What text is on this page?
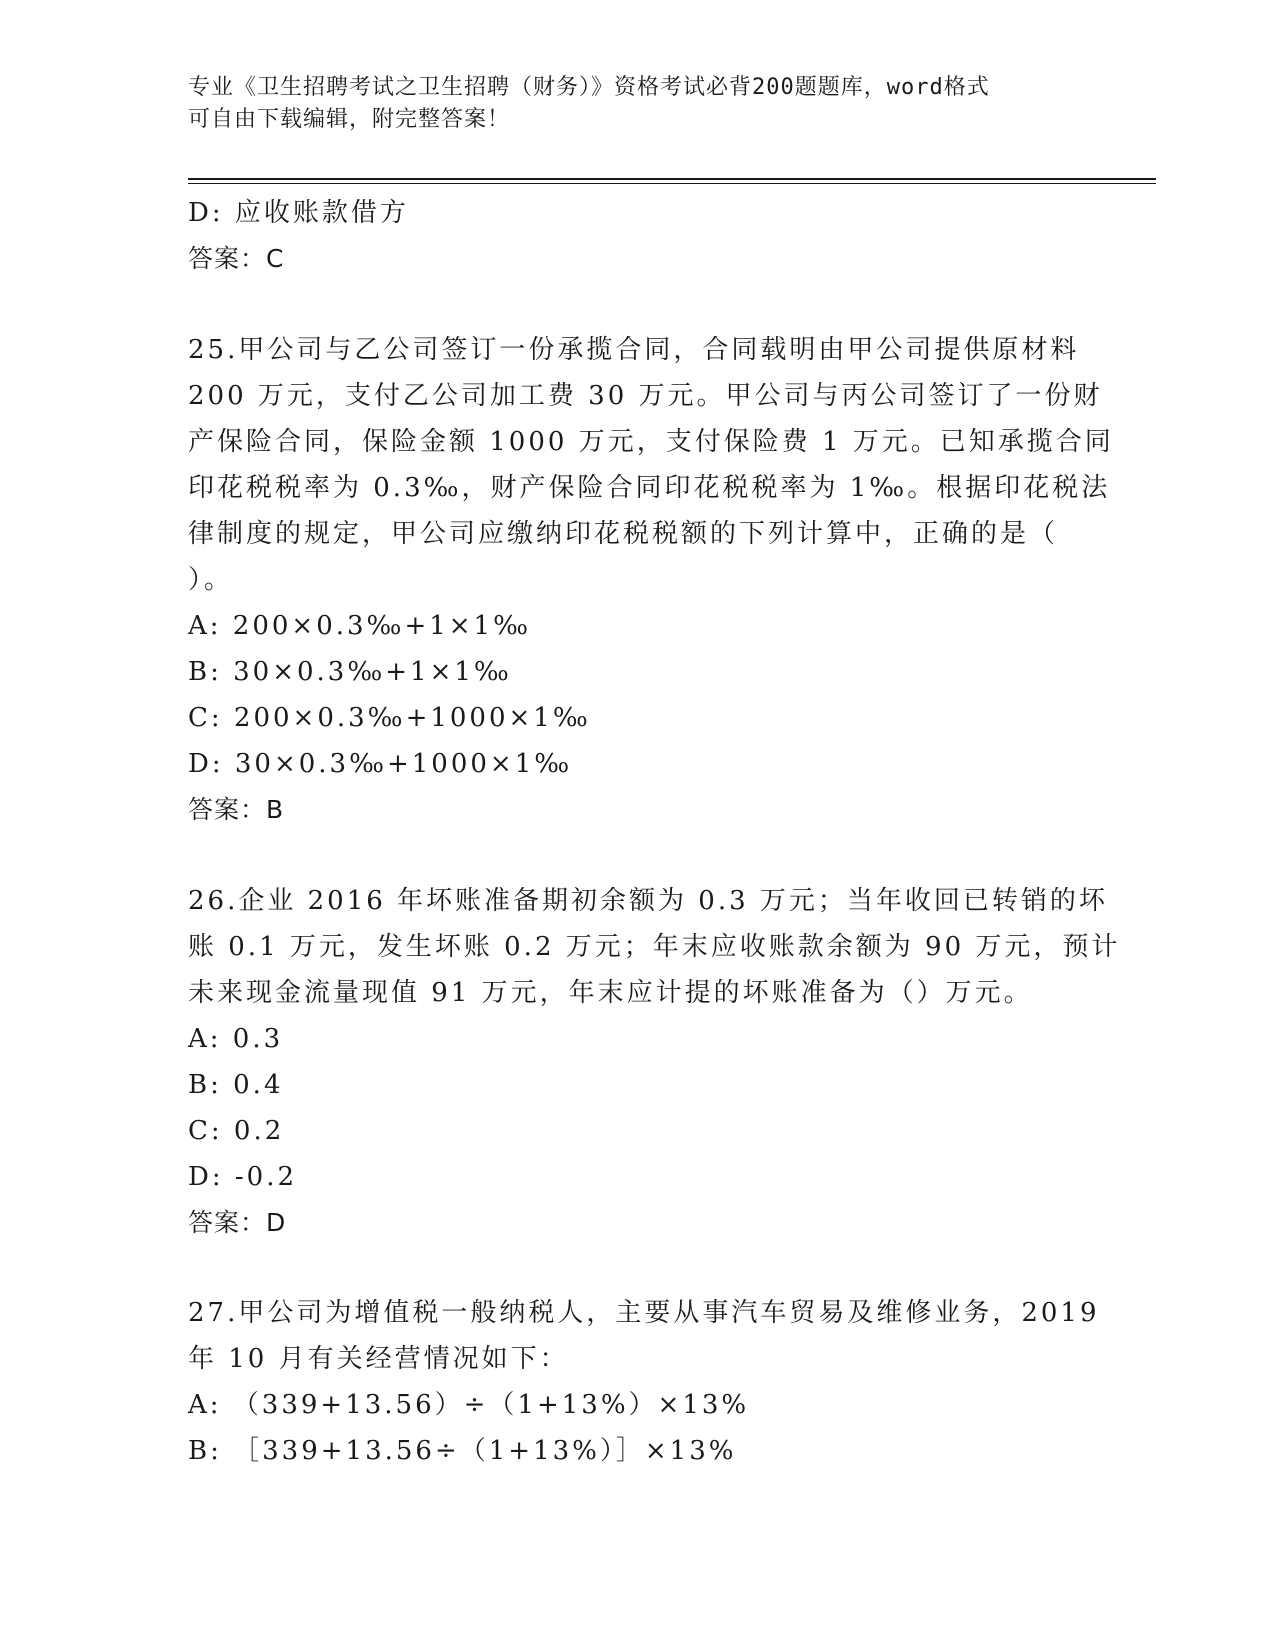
专业《卫生招聘考试之卫生招聘（财务）》资格考试必背200题题库，word格式
可自由下载编辑，附完整答案！
D: 应收账款借方
答案：C
25.甲公司与乙公司签订一份承揽合同，合同载明由甲公司提供原材料
200 万元，支付乙公司加工费 30 万元。甲公司与丙公司签订了一份财
产保险合同，保险金额 1000 万元，支付保险费 1 万元。已知承揽合同
印花税税率为 0.3‰，财产保险合同印花税税率为 1‰。根据印花税法
律制度的规定，甲公司应缴纳印花税税额的下列计算中，正确的是（
）。
A: 200×0.3‰+1×1‰
B: 30×0.3‰+1×1‰
C: 200×0.3‰+1000×1‰
D: 30×0.3‰+1000×1‰
答案：B
26.企业 2016 年坏账准备期初余额为 0.3 万元；当年收回已转销的坏
账 0.1 万元，发生坏账 0.2 万元；年末应收账款余额为 90 万元，预计
未来现金流量现值 91 万元，年末应计提的坏账准备为（）万元。
A: 0.3
B: 0.4
C: 0.2
D: -0.2
答案：D
27.甲公司为增值税一般纳税人，主要从事汽车贸易及维修业务，2019
年 10 月有关经营情况如下：
A: （339+13.56）÷（1+13%）×13%
B: ［339+13.56÷（1+13%）］×13%
